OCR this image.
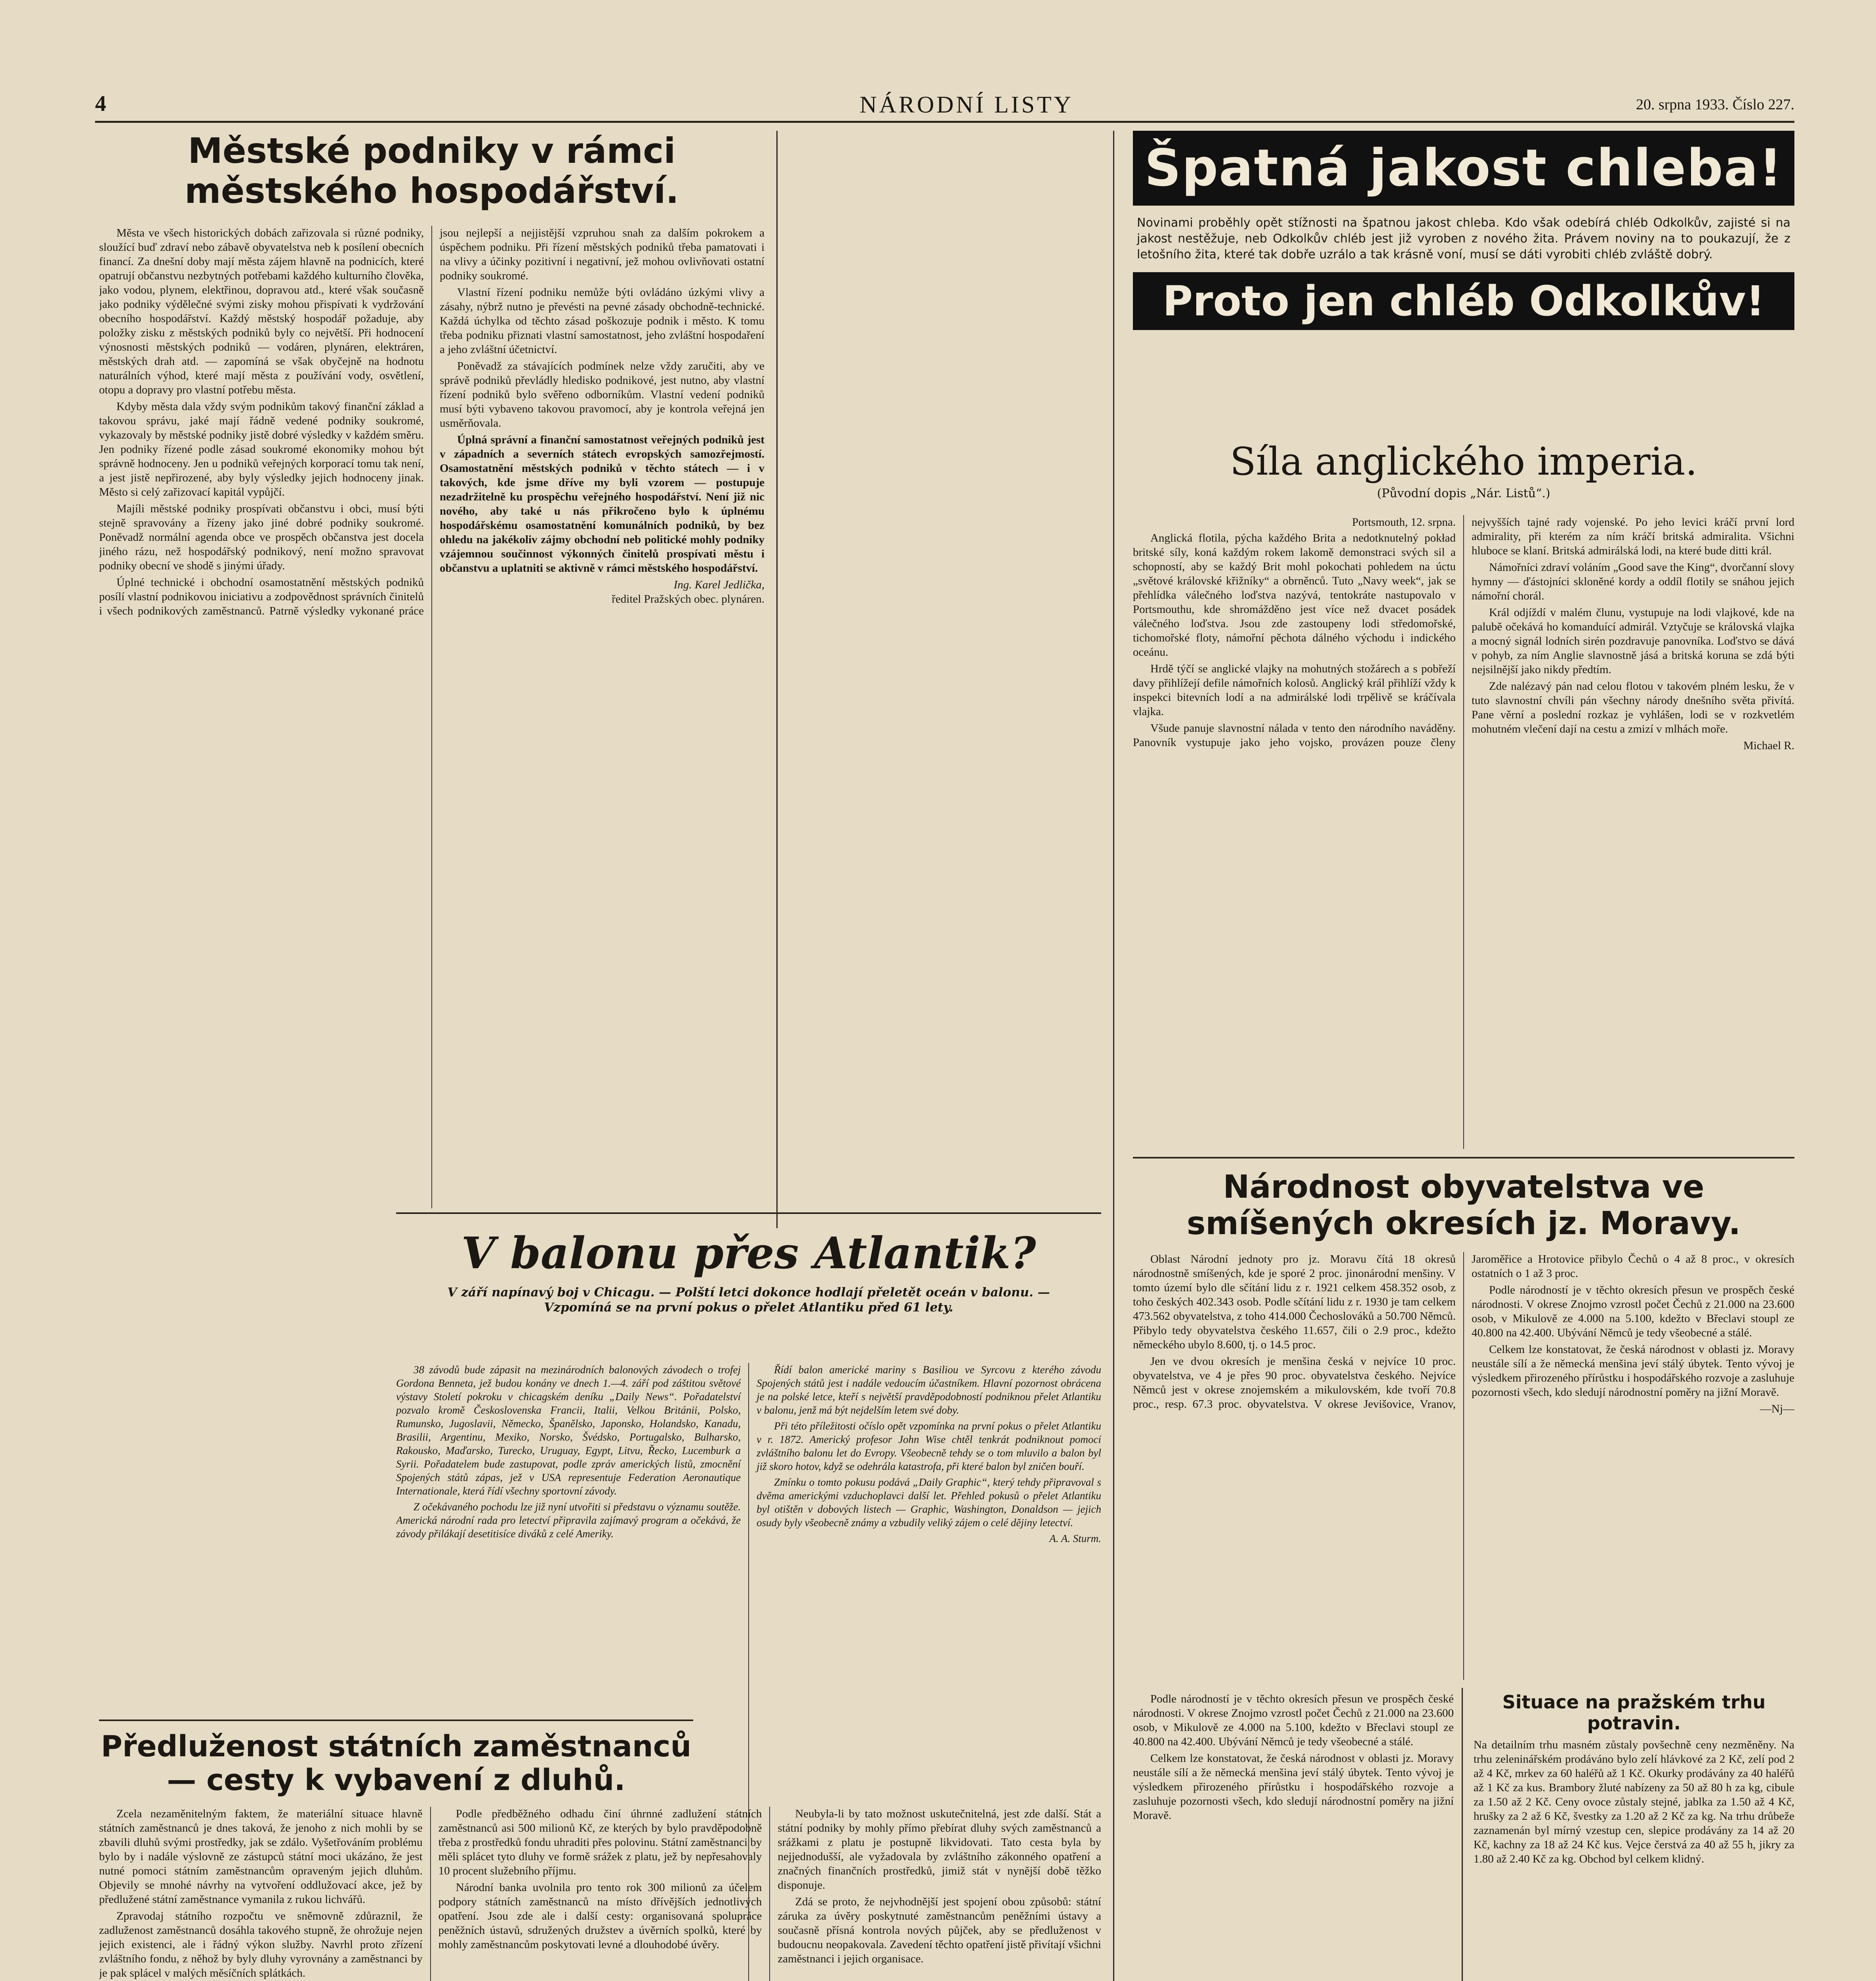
4	NÁRODNÍ LISTY	20. srpna 1933. Číslo 227.
Městské podniky v rámci městského hospodářství.

Města ve všech historických dobách zařizovala si různé podniky, sloužící buď zdraví nebo zábavě obyvatelstva neb k posílení obecních financí. Za dnešní doby mají města zájem hlavně na podnicích, které opatrují občanstvu nezbytných potřebami každého kulturního člověka, jako vodou, plynem, elektřinou, dopravou atd., které však současně jako podniky výdělečné svými zisky mohou přispívati k vydržování obecního hospodářství. Každý městský hospodář požaduje, aby položky zisku z městských podniků byly co největší. Při hodnocení výnosnosti městských podniků — vodáren, plynáren, elektráren, městských drah atd. — zapomíná se však obyčejně na hodnotu naturálních výhod, které mají města z používání vody, osvětlení, otopu a dopravy pro vlastní potřebu města.

Kdyby města dala vždy svým podnikům takový finanční základ a takovou správu, jaké mají řádně vedené podniky soukromé, vykazovaly by městské podniky jistě dobré výsledky v každém směru. Jen podniky řízené podle zásad soukromé ekonomiky mohou být správně hodnoceny. Jen u podniků veřejných korporací tomu tak není, a jest jistě nepřirozené, aby byly výsledky jejich hodnoceny jinak. Město si celý zařizovací kapitál vypůjčí.

Majíli městské podniky prospívati občanstvu i obci, musí býti stejně spravovány a řízeny jako jiné dobré podniky soukromé. Poněvadž normální agenda obce ve prospěch občanstva jest docela jiného rázu, než hospodářský podnikový, není možno spravovat podniky obecní ve shodě s jinými úřady.

Úplné technické i obchodní osamostatnění městských podniků posílí vlastní podnikovou iniciativu a zodpovědnost správních činitelů i všech podnikových zaměstnanců. Patrně výsledky vykonané práce jsou nejlepší a nejjistější vzpruhou snah za dalším pokrokem a úspěchem podniku. Při řízení městských podniků třeba pamatovati i na vlivy a účinky pozitivní i negativní, jež mohou ovlivňovati ostatní podniky soukromé.

Vlastní řízení podniku nemůže býti ovládáno úzkými vlivy a zásahy, nýbrž nutno je převésti na pevné zásady obchodně-technické. Každá úchylka od těchto zásad poškozuje podnik i město. K tomu třeba podniku přiznati vlastní samostatnost, jeho zvláštní hospodaření a jeho zvláštní účetnictví.

Poněvadž za stávajících podmínek nelze vždy zaručiti, aby ve správě podniků převládly hledisko podnikové, jest nutno, aby vlastní řízení podniků bylo svěřeno odborníkům. Vlastní vedení podniků musí býti vybaveno takovou pravomocí, aby je kontrola veřejná jen usměrňovala.

Úplná správní a finanční samostatnost veřejných podniků jest v západních a severních státech evropských samozřejmostí. Osamostatnění městských podniků v těchto státech — i v takových, kde jsme dříve my byli vzorem — postupuje nezadržitelně ku prospěchu veřejného hospodářství. Není již nic nového, aby také u nás přikročeno bylo k úplnému hospodářskému osamostatnění komunálních podniků, by bez ohledu na jakékoliv zájmy obchodní neb politické mohly podniky vzájemnou součinnost výkonných činitelů prospívati městu i občanstvu a uplatniti se aktivně v rámci městského hospodářství.

Ing. Karel Jedlička,
ředitel Pražských obec. plynáren.
V balonu přes Atlantik?
V září napínavý boj v Chicagu. — Polští letci dokonce hodlají přeletět oceán v balonu. — Vzpomíná se na první pokus o přelet Atlantiku před 61 lety.

38 závodů bude zápasit na mezinárodních balonových závodech o trofej Gordona Benneta, jež budou konány ve dnech 1.—4. září pod záštitou světové výstavy Století pokroku v chicagském deníku „Daily News“. Pořadatelství pozvalo kromě Československa Francii, Italii, Velkou Británii, Polsko, Rumunsko, Jugoslavii, Německo, Španělsko, Japonsko, Holandsko, Kanadu, Brasilii, Argentinu, Mexiko, Norsko, Švédsko, Portugalsko, Bulharsko, Rakousko, Maďarsko, Turecko, Uruguay, Egypt, Litvu, Řecko, Lucemburk a Syrii. Pořadatelem bude zastupovat, podle zpráv amerických listů, zmocnění Spojených států zápas, jež v USA representuje Federation Aeronautique Internationale, která řídí všechny sportovní závody.

Z očekávaného pochodu lze již nyní utvořiti si představu o významu soutěže. Americká národní rada pro letectví připravila zajímavý program a očekává, že závody přilákají desetitisíce diváků z celé Ameriky.

Řídí balon americké mariny s Basiliou ve Syrcovu z kterého závodu Spojených států jest i nadále vedoucím účastníkem. Hlavní pozornost obrácena je na polské letce, kteří s největší pravděpodobností podniknou přelet Atlantiku v balonu, jenž má být nejdelším letem své doby.

Při této příležitosti očíslo opět vzpomínka na první pokus o přelet Atlantiku v r. 1872. Americký profesor John Wise chtěl tenkrát podniknout pomocí zvláštního balonu let do Evropy. Všeobecně tehdy se o tom mluvilo a balon byl již skoro hotov, když se odehrála katastrofa, při které balon byl zničen bouří.

Zmínku o tomto pokusu podává „Daily Graphic“, který tehdy připravoval s dvěma americkými vzduchoplavci další let. Přehled pokusů o přelet Atlantiku byl otištěn v dobových listech — Graphic, Washington, Donaldson — jejich osudy byly všeobecně známy a vzbudily veliký zájem o celé dějiny letectví.

A. A. Sturm.
Předluženost státních zaměstnanců — cesty k vybavení z dluhů.

Zcela nezaměnitelným faktem, že materiální situace hlavně státních zaměstnanců je dnes taková, že jenoho z nich mohli by se zbavili dluhů svými prostředky, jak se zdálo. Vyšetřováním problému bylo by i nadále výslovně ze zástupců státní moci ukázáno, že jest nutné pomoci státním zaměstnancům opraveným jejich dluhům. Objevily se mnohé návrhy na vytvoření oddlužovací akce, jež by předlužené státní zaměstnance vymanila z rukou lichvářů.

Zpravodaj státního rozpočtu ve sněmovně zdůraznil, že zadluženost zaměstnanců dosáhla takového stupně, že ohrožuje nejen jejich existenci, ale i řádný výkon služby. Navrhl proto zřízení zvláštního fondu, z něhož by byly dluhy vyrovnány a zaměstnanci by je pak splácel v malých měsíčních splátkách.

Podle předběžného odhadu činí úhrnné zadlužení státních zaměstnanců asi 500 milionů Kč, ze kterých by bylo pravděpodobně třeba z prostředků fondu uhraditi přes polovinu. Státní zaměstnanci by měli splácet tyto dluhy ve formě srážek z platu, jež by nepřesahovaly 10 procent služebního příjmu.

Národní banka uvolnila pro tento rok 300 milionů za účelem podpory státních zaměstnanců na místo dřívějších jednotlivých opatření. Jsou zde ale i další cesty: organisovaná spolupráce peněžních ústavů, sdružených družstev a úvěrních spolků, které by mohly zaměstnancům poskytovati levné a dlouhodobé úvěry.

Neubyla-li by tato možnost uskutečnitelná, jest zde další. Stát a státní podniky by mohly přímo přebírat dluhy svých zaměstnanců a srážkami z platu je postupně likvidovati. Tato cesta byla by nejjednodušší, ale vyžadovala by zvláštního zákonného opatření a značných finančních prostředků, jimiž stát v nynější době těžko disponuje.

Zdá se proto, že nejvhodnější jest spojení obou způsobů: státní záruka za úvěry poskytnuté zaměstnancům peněžními ústavy a současně přísná kontrola nových půjček, aby se předluženost v budoucnu neopakovala. Zavedení těchto opatření jistě přivítají všichni zaměstnanci i jejich organisace.

Špatná jakost chleba!
Novinami proběhly opět stížnosti na špatnou jakost chleba. Kdo však odebírá chléb Odkolkův, zajisté si na jakost nestěžuje, neb Odkolkův chléb jest již vyroben z nového žita. Právem noviny na to poukazují, že z letošního žita, které tak dobře uzrálo a tak krásně voní, musí se dáti vyrobiti chléb zvláště dobrý.
Proto jen chléb Odkolkův!
Síla anglického imperia.
(Původní dopis „Nár. Listů“.)
Portsmouth, 12. srpna.

Anglická flotila, pýcha každého Brita a nedotknutelný pokład britské síly, koná každým rokem lakomě demonstraci svých sil a schopností, aby se každý Brit mohl pokochati pohledem na úctu „světové královské křižníky“ a obrněnců. Tuto „Navy week“, jak se přehlídka válečného loďstva nazývá, tentokráte nastupovalo v Portsmouthu, kde shromážděno jest více než dvacet posádek válečného loďstva. Jsou zde zastoupeny lodi středomořské, tichomořské floty, námořní pěchota dálného východu i indického oceánu.

Hrdě týčí se anglické vlajky na mohutných stožárech a s pobřeží davy přihlížejí defile námořních kolosů. Anglický král přihlíží vždy k inspekci bitevních lodí a na admirálské lodi trpělivě se kráčívala vlajka.

Všude panuje slavnostní nálada v tento den národního naváděny. Panovník vystupuje jako jeho vojsko, provázen pouze členy nejvyšších tajné rady vojenské. Po jeho levici kráčí první lord admirality, při kterém za ním kráčí britská admiralita. Všichni hluboce se klaní. Britská admirálská lodi, na které bude ditti král.

Námořníci zdraví voláním „Good save the King“, dvorčanní slovy hymny — ďástojníci skloněné kordy a oddíl flotily se snáhou jejich námořní chorál.

Král odjíždí v malém člunu, vystupuje na lodi vlajkové, kde na palubě očekává ho komanduící admirál. Vztyčuje se královská vlajka a mocný signál lodních sirén pozdravuje panovníka. Loďstvo se dává v pohyb, za ním Anglie slavnostně jásá a britská koruna se zdá býti nejsilnější jako nikdy předtím.

Zde nalézavý pán nad celou flotou v takovém plném lesku, že v tuto slavnostní chvíli pán všechny národy dnešního světa přivítá. Pane věrní a poslední rozkaz je vyhlášen, lodi se v rozkvetlém mohutném vlečení dají na cestu a zmizí v mlhách moře.

Michael R.
Národnost obyvatelstva ve smíšených okresích jz. Moravy.

Oblast Národní jednoty pro jz. Moravu čítá 18 okresů národnostně smíšených, kde je sporé 2 proc. jinonárodní menšiny. V tomto území bylo dle sčítání lidu z r. 1921 celkem 458.352 osob, z toho českých 402.343 osob. Podle sčítání lidu z r. 1930 je tam celkem 473.562 obyvatelstva, z toho 414.000 Čechoslováků a 50.700 Němců. Přibylo tedy obyvatelstva českého 11.657, čili o 2.9 proc., kdežto německého ubylo 8.600, tj. o 14.5 proc.

Jen ve dvou okresích je menšina česká v nejvíce 10 proc. obyvatelstva, ve 4 je přes 90 proc. obyvatelstva českého. Nejvíce Němců jest v okrese znojemském a mikulovském, kde tvoří 70.8 proc., resp. 67.3 proc. obyvatelstva. V okrese Jevišovice, Vranov, Jaroměřice a Hrotovice přibylo Čechů o 4 až 8 proc., v okresích ostatních o 1 až 3 proc.

Podle národností je v těchto okresích přesun ve prospěch české národnosti. V okrese Znojmo vzrostl počet Čechů z 21.000 na 23.600 osob, v Mikulově ze 4.000 na 5.100, kdežto v Břeclavi stoupl ze 40.800 na 42.400. Ubývání Němců je tedy všeobecné a stálé.

Celkem lze konstatovat, že česká národnost v oblasti jz. Moravy neustále sílí a že německá menšina jeví stálý úbytek. Tento vývoj je výsledkem přirozeného přírůstku i hospodářského rozvoje a zasluhuje pozornosti všech, kdo sledují národnostní poměry na jižní Moravě.

—Nj—

Podle národností je v těchto okresích přesun ve prospěch české národnosti. V okrese Znojmo vzrostl počet Čechů z 21.000 na 23.600 osob, v Mikulově ze 4.000 na 5.100, kdežto v Břeclavi stoupl ze 40.800 na 42.400. Ubývání Němců je tedy všeobecné a stálé.

Celkem lze konstatovat, že česká národnost v oblasti jz. Moravy neustále sílí a že německá menšina jeví stálý úbytek. Tento vývoj je výsledkem přirozeného přírůstku i hospodářského rozvoje a zasluhuje pozornosti všech, kdo sledují národnostní poměry na jižní Moravě.

Situace na pražském trhu potravin.
Na detailním trhu masném zůstaly povšechně ceny nezměněny. Na trhu zeleninářském prodáváno bylo zelí hlávkové za 2 Kč, zelí pod 2 až 4 Kč, mrkev za 60 haléřů až 1 Kč. Okurky prodávány za 40 haléřů až 1 Kč za kus. Brambory žluté nabízeny za 50 až 80 h za kg, cibule za 1.50 až 2 Kč. Ceny ovoce zůstaly stejné, jablka za 1.50 až 4 Kč, hrušky za 2 až 6 Kč, švestky za 1.20 až 2 Kč za kg. Na trhu drůbeže zaznamenán byl mírný vzestup cen, slepice prodávány za 14 až 20 Kč, kachny za 18 až 24 Kč kus. Vejce čerstvá za 40 až 55 h, jikry za 1.80 až 2.40 Kč za kg. Obchod byl celkem klidný.
